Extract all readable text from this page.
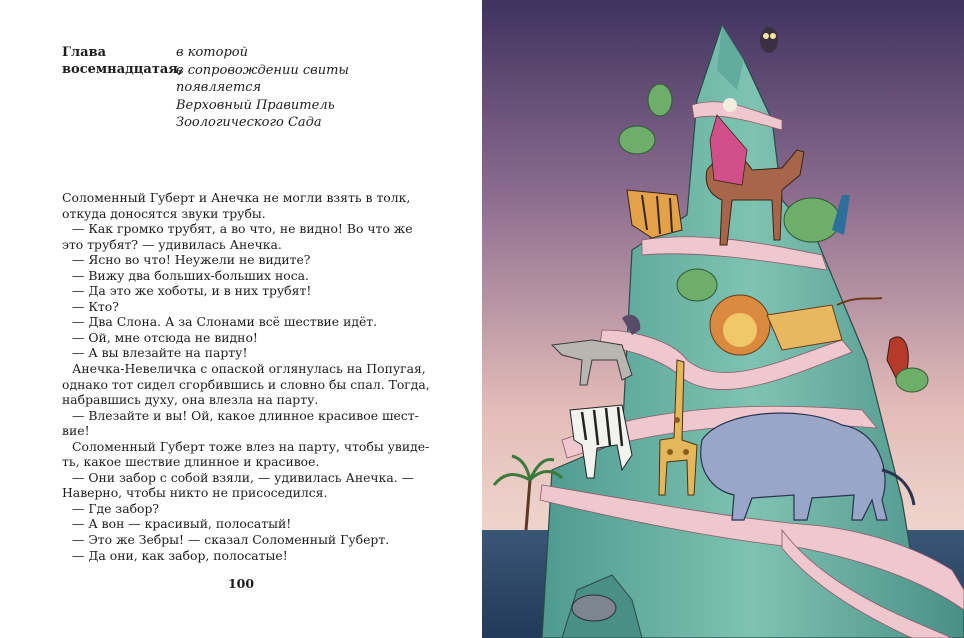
Глава
восемнадцатая,
в которой
в сопровождении свиты
появляется
Верховный Правитель
Зоологического Сада
Соломенный Губерт и Анечка не могли взять в толк,
откуда доносятся звуки трубы.
— Как громко трубят, а во что, не видно! Во что же
это трубят? — удивилась Анечка.
— Ясно во что! Неужели не видите?
— Вижу два больших-больших носа.
— Да это же хоботы, и в них трубят!
— Кто?
— Два Слона. А за Слонами всё шествие идёт.
— Ой, мне отсюда не видно!
— А вы влезайте на парту!
Анечка-Невеличка с опаской оглянулась на Попугая,
однако тот сидел сгорбившись и словно бы спал. Тогда,
набравшись духу, она влезла на парту.
— Влезайте и вы! Ой, какое длинное красивое шест-
вие!
Соломенный Губерт тоже влез на парту, чтобы увиде-
ть, какое шествие длинное и красивое.
— Они забор с собой взяли, — удивилась Анечка. —
Наверно, чтобы никто не присоседился.
— Где забор?
— А вон — красивый, полосатый!
— Это же Зебры! — сказал Соломенный Губерт.
— Да они, как забор, полосатые!
100
